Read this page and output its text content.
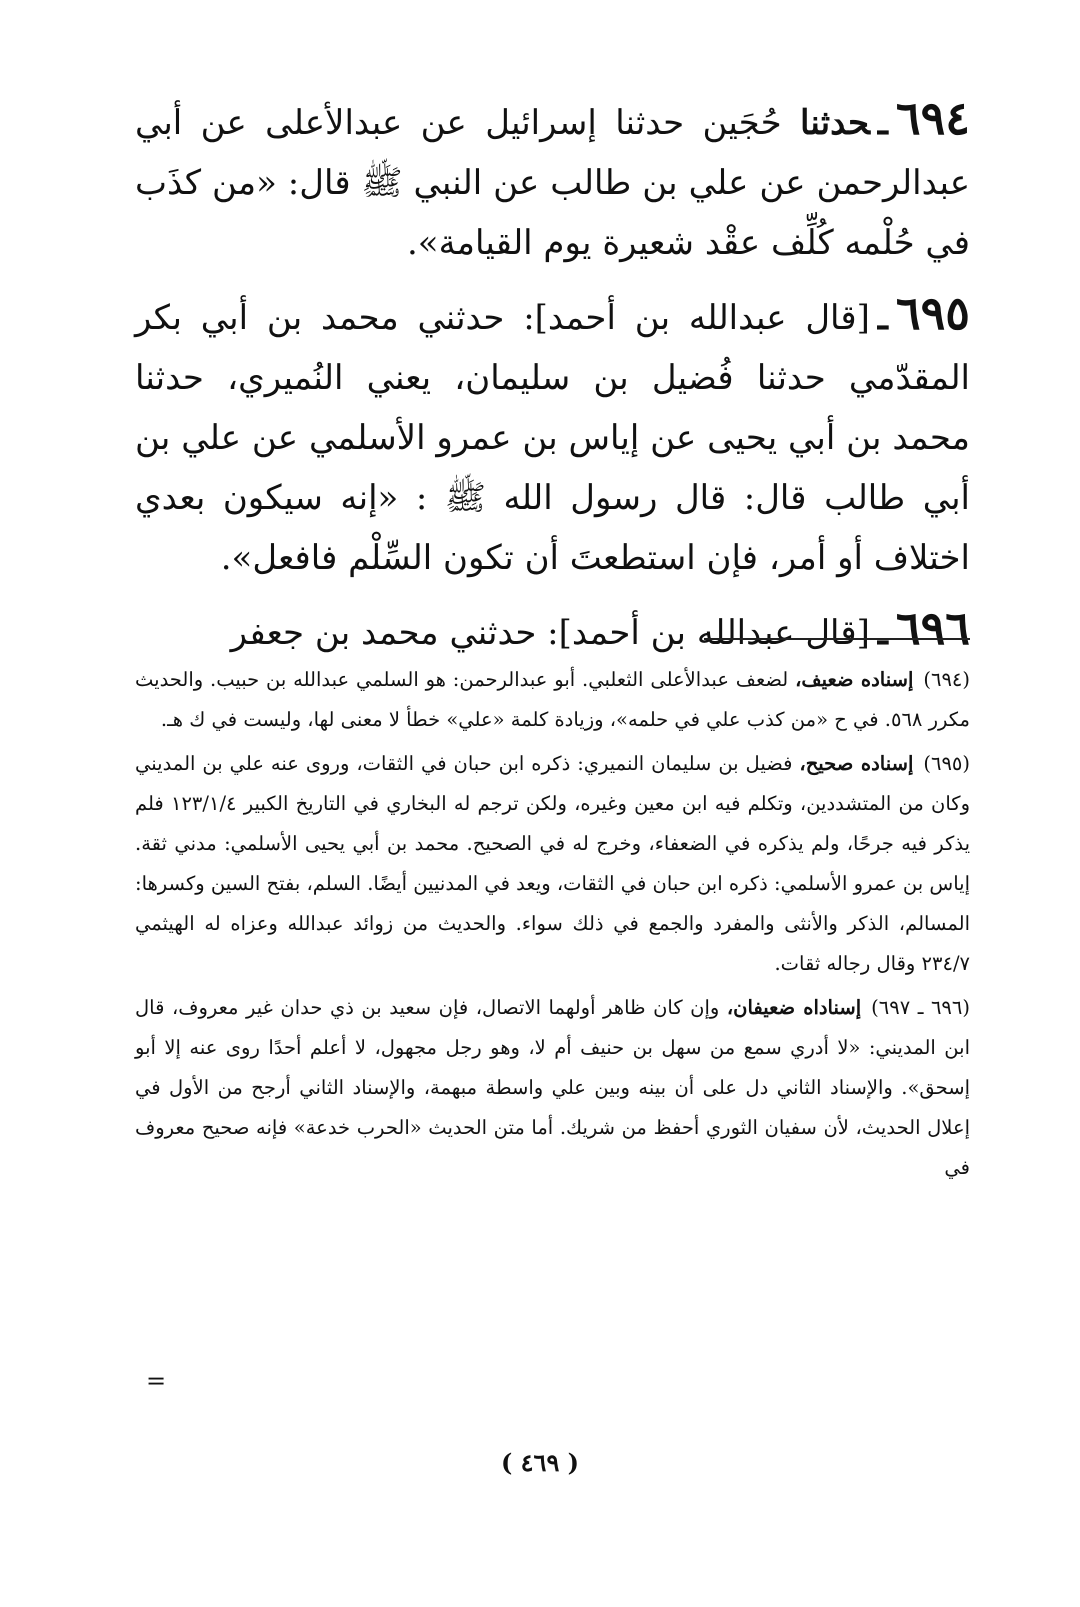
٦٩٤ـحدثنا حُجَين حدثنا إسرائيل عن عبدالأعلى عن أبي عبدالرحمن عن علي بن طالب عن النبي ﷺ قال: «من كذَب في حُلْمه كُلِّف عقْد شعيرة يوم القيامة».

٦٩٥ـ[قال عبدالله بن أحمد]: حدثني محمد بن أبي بكر المقدّمي حدثنا فُضيل بن سليمان، يعني النُميري، حدثنا محمد بن أبي يحيى عن إياس بن عمرو الأسلمي عن علي بن أبي طالب قال: قال رسول الله ﷺ : «إنه سيكون بعدي اختلاف أو أمر، فإن استطعتَ أن تكون السِّلْم فافعل».

٦٩٦ـ[قال عبدالله بن أحمد]: حدثني محمد بن جعفر

(٦٩٤)إسناده ضعيف، لضعف عبدالأعلى الثعلبي. أبو عبدالرحمن: هو السلمي عبدالله بن حبيب. والحديث مكرر ٥٦٨. في ح «من كذب علي في حلمه»، وزيادة كلمة «علي» خطأ لا معنى لها، وليست في ك هـ.

(٦٩٥)إسناده صحيح، فضيل بن سليمان النميري: ذكره ابن حبان في الثقات، وروى عنه علي بن المديني وكان من المتشددين، وتكلم فيه ابن معين وغيره، ولكن ترجم له البخاري في التاريخ الكبير ١٢٣/١/٤ فلم يذكر فيه جرحًا، ولم يذكره في الضعفاء، وخرج له في الصحيح. محمد بن أبي يحيى الأسلمي: مدني ثقة. إياس بن عمرو الأسلمي: ذكره ابن حبان في الثقات، ويعد في المدنيين أيضًا. السلم، بفتح السين وكسرها: المسالم، الذكر والأنثى والمفرد والجمع في ذلك سواء. والحديث من زوائد عبدالله وعزاه له الهيثمي ٢٣٤/٧ وقال رجاله ثقات.

(٦٩٦ ـ ٦٩٧)إسناداه ضعيفان، وإن كان ظاهر أولهما الاتصال، فإن سعيد بن ذي حدان غير معروف، قال ابن المديني: «لا أدري سمع من سهل بن حنيف أم لا، وهو رجل مجهول، لا أعلم أحدًا روى عنه إلا أبو إسحق». والإسناد الثاني دل على أن بينه وبين علي واسطة مبهمة، والإسناد الثاني أرجح من الأول في إعلال الحديث، لأن سفيان الثوري أحفظ من شريك. أما متن الحديث «الحرب خدعة» فإنه صحيح معروف في

=
( ٤٦٩ )
